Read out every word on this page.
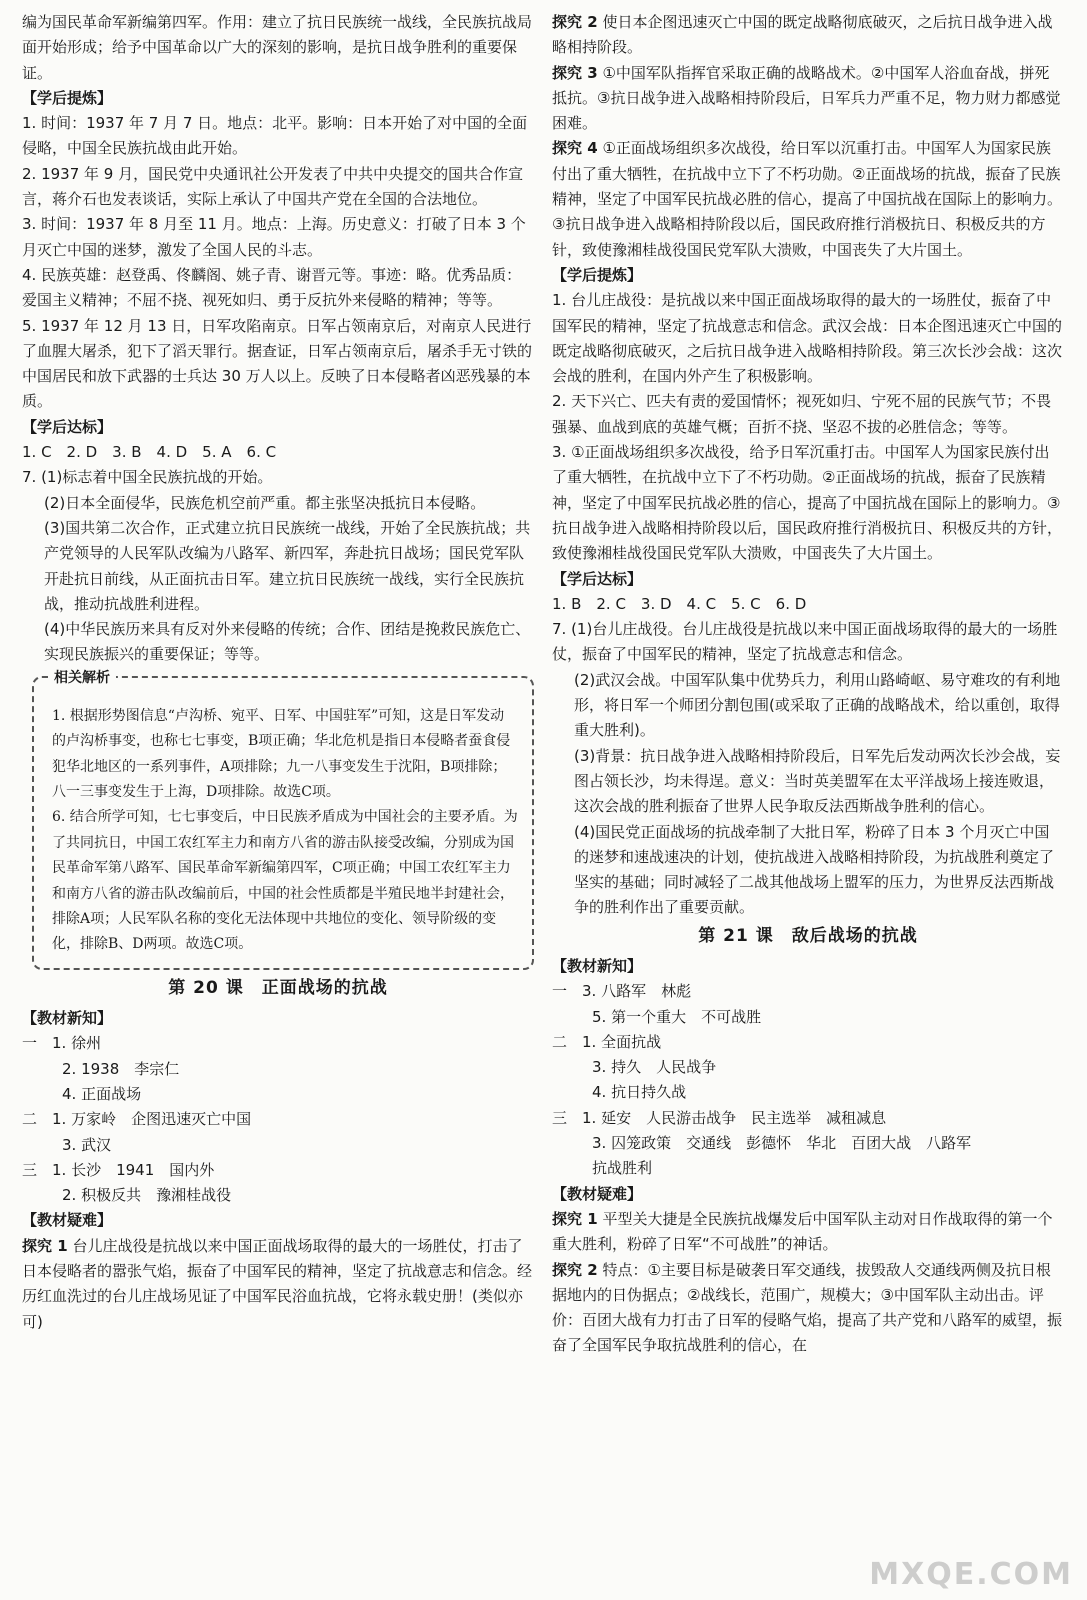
编为国民革命军新编第四军。作用：建立了抗日民族统一战线，全民族抗战局面开始形成；给予中国革命以广大的深刻的影响，是抗日战争胜利的重要保证。

【学后提炼】

1. 时间：1937 年 7 月 7 日。地点：北平。影响：日本开始了对中国的全面侵略，中国全民族抗战由此开始。

2. 1937 年 9 月，国民党中央通讯社公开发表了中共中央提交的国共合作宣言，蒋介石也发表谈话，实际上承认了中国共产党在全国的合法地位。

3. 时间：1937 年 8 月至 11 月。地点：上海。历史意义：打破了日本 3 个月灭亡中国的迷梦，激发了全国人民的斗志。

4. 民族英雄：赵登禹、佟麟阁、姚子青、谢晋元等。事迹：略。优秀品质：爱国主义精神；不屈不挠、视死如归、勇于反抗外来侵略的精神；等等。

5. 1937 年 12 月 13 日，日军攻陷南京。日军占领南京后，对南京人民进行了血腥大屠杀，犯下了滔天罪行。据查证，日军占领南京后，屠杀手无寸铁的中国居民和放下武器的士兵达 30 万人以上。反映了日本侵略者凶恶残暴的本质。

【学后达标】

1. C　2. D　3. B　4. D　5. A　6. C

7. (1)标志着中国全民族抗战的开始。

(2)日本全面侵华，民族危机空前严重。都主张坚决抵抗日本侵略。

(3)国共第二次合作，正式建立抗日民族统一战线，开始了全民族抗战；共产党领导的人民军队改编为八路军、新四军，奔赴抗日战场；国民党军队开赴抗日前线，从正面抗击日军。建立抗日民族统一战线，实行全民族抗战，推动抗战胜利进程。

(4)中华民族历来具有反对外来侵略的传统；合作、团结是挽救民族危亡、实现民族振兴的重要保证；等等。

相关解析

1. 根据形势图信息“卢沟桥、宛平、日军、中国驻军”可知，这是日军发动的卢沟桥事变，也称七七事变，B项正确；华北危机是指日本侵略者蚕食侵犯华北地区的一系列事件，A项排除；九一八事变发生于沈阳，B项排除；八一三事变发生于上海，D项排除。故选C项。

6. 结合所学可知，七七事变后，中日民族矛盾成为中国社会的主要矛盾。为了共同抗日，中国工农红军主力和南方八省的游击队接受改编，分别成为国民革命军第八路军、国民革命军新编第四军，C项正确；中国工农红军主力和南方八省的游击队改编前后，中国的社会性质都是半殖民地半封建社会，排除A项；人民军队名称的变化无法体现中共地位的变化、领导阶级的变化，排除B、D两项。故选C项。

第 20 课　正面战场的抗战

【教材新知】

一　1. 徐州

2. 1938　李宗仁

4. 正面战场

二　1. 万家岭　企图迅速灭亡中国

3. 武汉

三　1. 长沙　1941　国内外

2. 积极反共　豫湘桂战役

【教材疑难】

探究 1 台儿庄战役是抗战以来中国正面战场取得的最大的一场胜仗，打击了日本侵略者的嚣张气焰，振奋了中国军民的精神，坚定了抗战意志和信念。经历红血洗过的台儿庄战场见证了中国军民浴血抗战，它将永载史册！(类似亦可)

探究 2 使日本企图迅速灭亡中国的既定战略彻底破灭，之后抗日战争进入战略相持阶段。

探究 3 ①中国军队指挥官采取正确的战略战术。②中国军人浴血奋战，拼死抵抗。③抗日战争进入战略相持阶段后，日军兵力严重不足，物力财力都感觉困难。

探究 4 ①正面战场组织多次战役，给日军以沉重打击。中国军人为国家民族付出了重大牺牲，在抗战中立下了不朽功勋。②正面战场的抗战，振奋了民族精神，坚定了中国军民抗战必胜的信心，提高了中国抗战在国际上的影响力。③抗日战争进入战略相持阶段以后，国民政府推行消极抗日、积极反共的方针，致使豫湘桂战役国民党军队大溃败，中国丧失了大片国土。

【学后提炼】

1. 台儿庄战役：是抗战以来中国正面战场取得的最大的一场胜仗，振奋了中国军民的精神，坚定了抗战意志和信念。武汉会战：日本企图迅速灭亡中国的既定战略彻底破灭，之后抗日战争进入战略相持阶段。第三次长沙会战：这次会战的胜利，在国内外产生了积极影响。

2. 天下兴亡、匹夫有责的爱国情怀；视死如归、宁死不屈的民族气节；不畏强暴、血战到底的英雄气概；百折不挠、坚忍不拔的必胜信念；等等。

3. ①正面战场组织多次战役，给予日军沉重打击。中国军人为国家民族付出了重大牺牲，在抗战中立下了不朽功勋。②正面战场的抗战，振奋了民族精神，坚定了中国军民抗战必胜的信心，提高了中国抗战在国际上的影响力。③抗日战争进入战略相持阶段以后，国民政府推行消极抗日、积极反共的方针，致使豫湘桂战役国民党军队大溃败，中国丧失了大片国土。

【学后达标】

1. B　2. C　3. D　4. C　5. C　6. D

7. (1)台儿庄战役。台儿庄战役是抗战以来中国正面战场取得的最大的一场胜仗，振奋了中国军民的精神，坚定了抗战意志和信念。

(2)武汉会战。中国军队集中优势兵力，利用山路崎岖、易守难攻的有利地形，将日军一个师团分割包围(或采取了正确的战略战术，给以重创，取得重大胜利)。

(3)背景：抗日战争进入战略相持阶段后，日军先后发动两次长沙会战，妄图占领长沙，均未得逞。意义：当时英美盟军在太平洋战场上接连败退，这次会战的胜利振奋了世界人民争取反法西斯战争胜利的信心。

(4)国民党正面战场的抗战牵制了大批日军，粉碎了日本 3 个月灭亡中国的迷梦和速战速决的计划，使抗战进入战略相持阶段，为抗战胜利奠定了坚实的基础；同时减轻了二战其他战场上盟军的压力，为世界反法西斯战争的胜利作出了重要贡献。

第 21 课　敌后战场的抗战

【教材新知】

一　3. 八路军　林彪

5. 第一个重大　不可战胜

二　1. 全面抗战

3. 持久　人民战争

4. 抗日持久战

三　1. 延安　人民游击战争　民主选举　减租减息

3. 囚笼政策　交通线　彭德怀　华北　百团大战　八路军

抗战胜利

【教材疑难】

探究 1 平型关大捷是全民族抗战爆发后中国军队主动对日作战取得的第一个重大胜利，粉碎了日军“不可战胜”的神话。

探究 2 特点：①主要目标是破袭日军交通线，拔毁敌人交通线两侧及抗日根据地内的日伪据点；②战线长，范围广，规模大；③中国军队主动出击。评价：百团大战有力打击了日军的侵略气焰，提高了共产党和八路军的威望，振奋了全国军民争取抗战胜利的信心，在

MXQE.COM
